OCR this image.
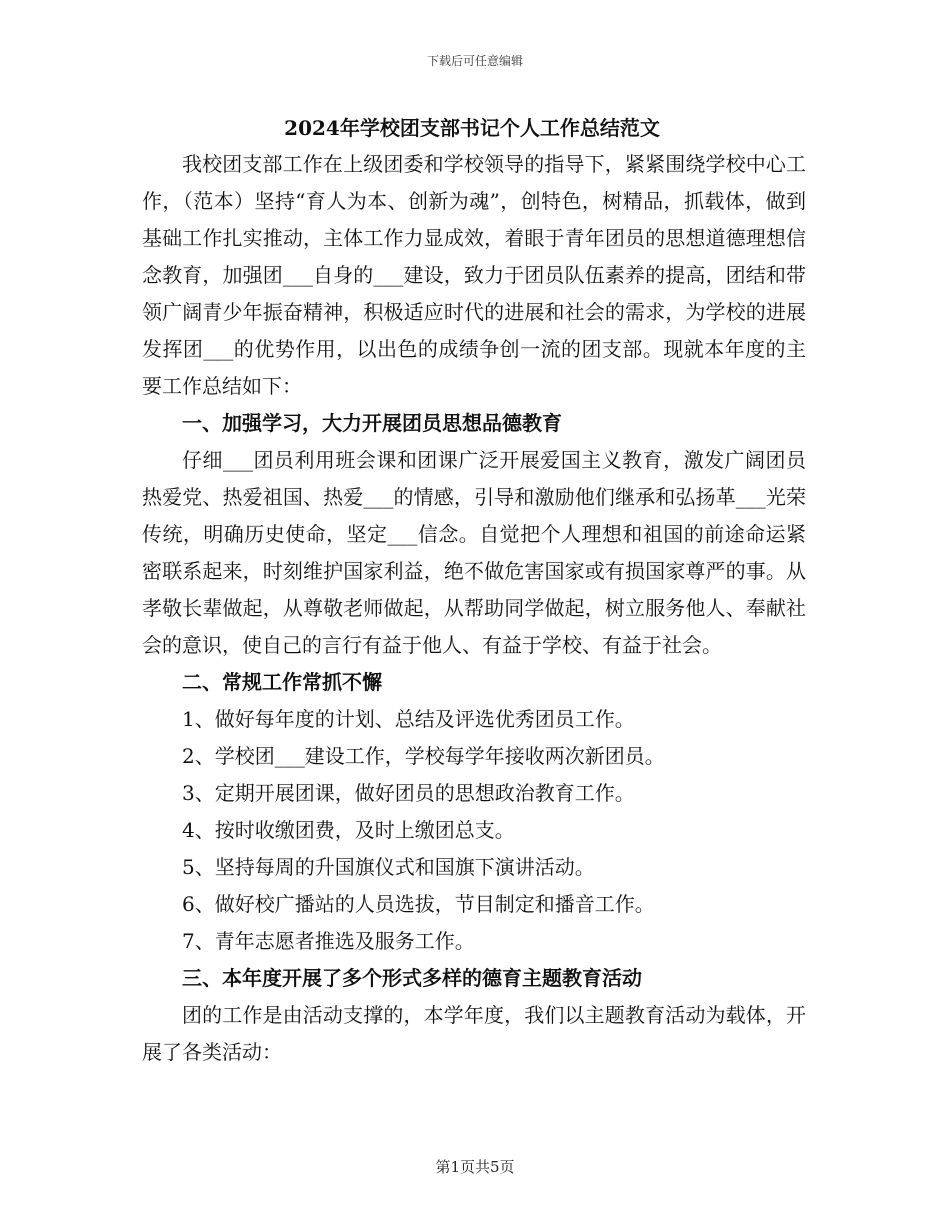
下载后可任意编辑
2024年学校团支部书记个人工作总结范文

我校团支部工作在上级团委和学校领导的指导下，紧紧围绕学校中心工作，（范本）坚持“育人为本、创新为魂”，创特色，树精品，抓载体，做到基础工作扎实推动，主体工作力显成效，着眼于青年团员的思想道德理想信念教育，加强团___自身的___建设，致力于团员队伍素养的提高，团结和带领广阔青少年振奋精神，积极适应时代的进展和社会的需求，为学校的进展发挥团___的优势作用，以出色的成绩争创一流的团支部。现就本年度的主要工作总结如下：

一、加强学习，大力开展团员思想品德教育

仔细___团员利用班会课和团课广泛开展爱国主义教育，激发广阔团员热爱党、热爱祖国、热爱___的情感，引导和激励他们继承和弘扬革___光荣传统，明确历史使命，坚定___信念。自觉把个人理想和祖国的前途命运紧密联系起来，时刻维护国家利益，绝不做危害国家或有损国家尊严的事。从孝敬长辈做起，从尊敬老师做起，从帮助同学做起，树立服务他人、奉献社会的意识，使自己的言行有益于他人、有益于学校、有益于社会。

二、常规工作常抓不懈

1、做好每年度的计划、总结及评选优秀团员工作。

2、学校团___建设工作，学校每学年接收两次新团员。

3、定期开展团课，做好团员的思想政治教育工作。

4、按时收缴团费，及时上缴团总支。

5、坚持每周的升国旗仪式和国旗下演讲活动。

6、做好校广播站的人员选拔，节目制定和播音工作。

7、青年志愿者推选及服务工作。

三、本年度开展了多个形式多样的德育主题教育活动

团的工作是由活动支撑的，本学年度，我们以主题教育活动为载体，开展了各类活动：

第1页共5页
